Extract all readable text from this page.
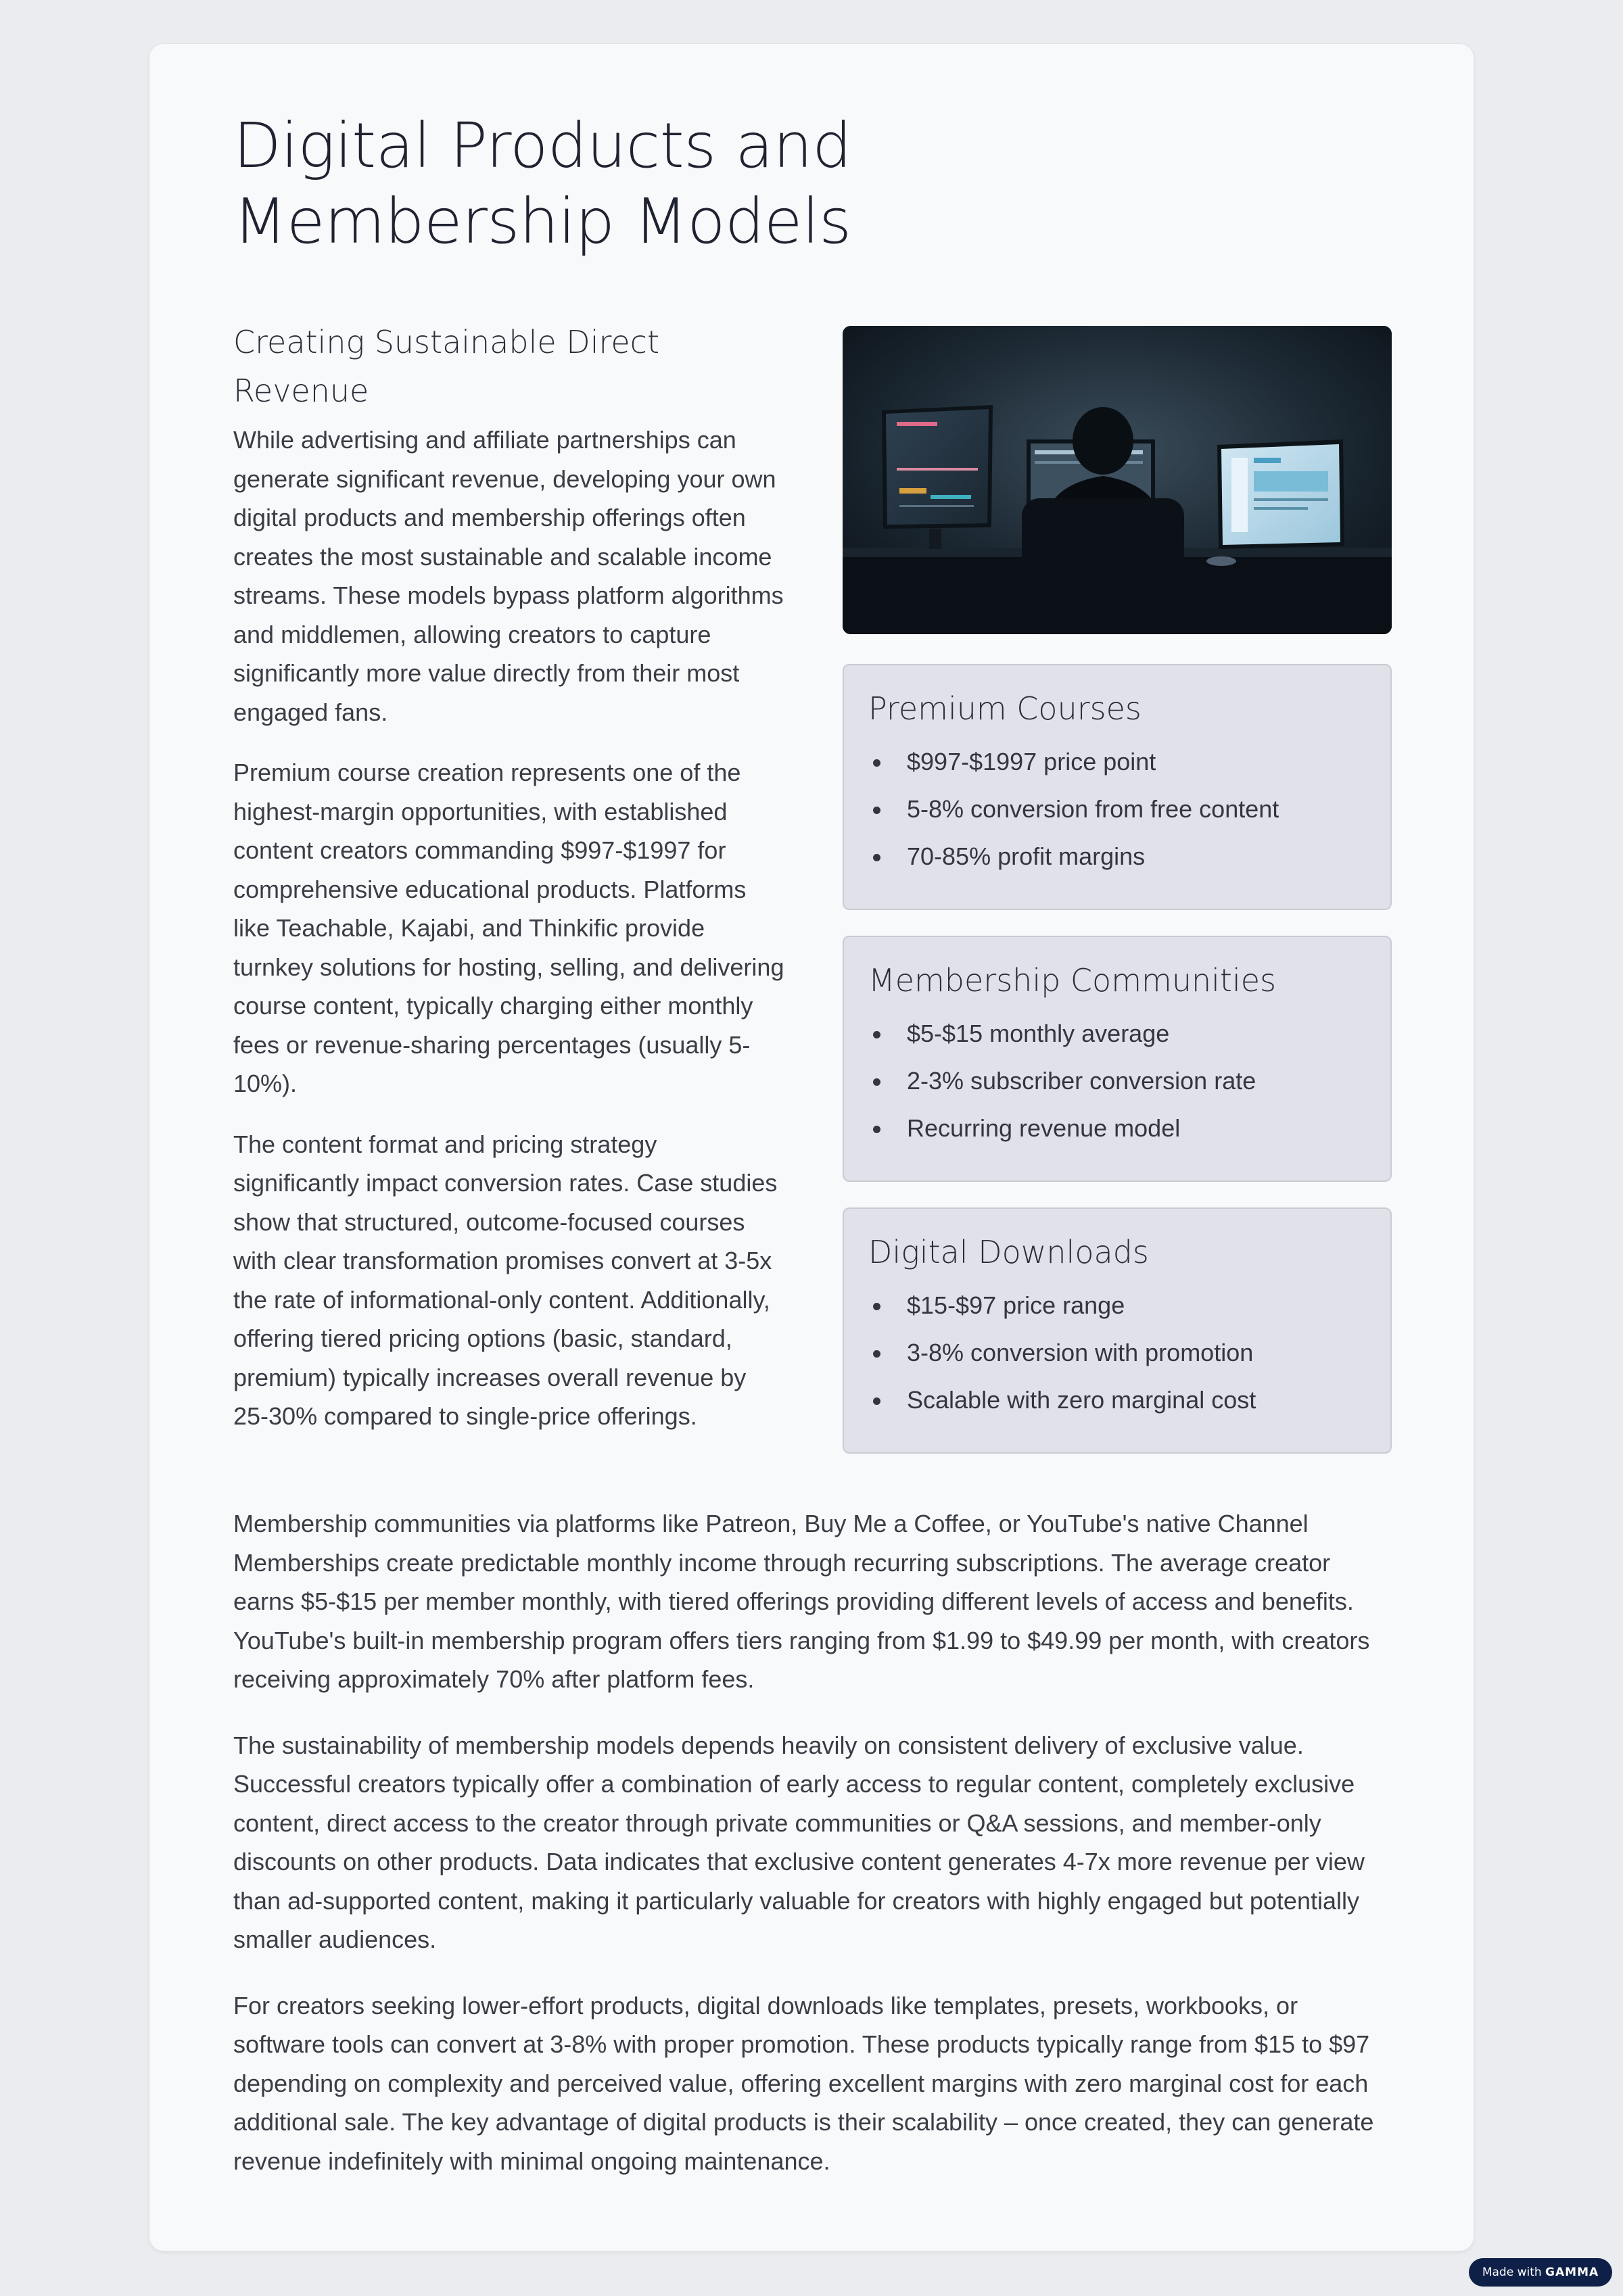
Digital Products and Membership Models
Creating Sustainable Direct Revenue

While advertising and affiliate partnerships can generate significant revenue, developing your own digital products and membership offerings often creates the most sustainable and scalable income streams. These models bypass platform algorithms and middlemen, allowing creators to capture significantly more value directly from their most engaged fans.

Premium course creation represents one of the highest-margin opportunities, with established content creators commanding $997-$1997 for comprehensive educational products. Platforms like Teachable, Kajabi, and Thinkific provide turnkey solutions for hosting, selling, and delivering course content, typically charging either monthly fees or revenue-sharing percentages (usually 5-10%).

The content format and pricing strategy significantly impact conversion rates. Case studies show that structured, outcome-focused courses with clear transformation promises convert at 3-5x the rate of informational-only content. Additionally, offering tiered pricing options (basic, standard, premium) typically increases overall revenue by 25-30% compared to single-price offerings.

Premium Courses
$997-$1997 price point
5-8% conversion from free content
70-85% profit margins
Membership Communities
$5-$15 monthly average
2-3% subscriber conversion rate
Recurring revenue model
Digital Downloads
$15-$97 price range
3-8% conversion with promotion
Scalable with zero marginal cost

Membership communities via platforms like Patreon, Buy Me a Coffee, or YouTube's native Channel Memberships create predictable monthly income through recurring subscriptions. The average creator earns $5-$15 per member monthly, with tiered offerings providing different levels of access and benefits. YouTube's built-in membership program offers tiers ranging from $1.99 to $49.99 per month, with creators receiving approximately 70% after platform fees.

The sustainability of membership models depends heavily on consistent delivery of exclusive value. Successful creators typically offer a combination of early access to regular content, completely exclusive content, direct access to the creator through private communities or Q&A sessions, and member-only discounts on other products. Data indicates that exclusive content generates 4-7x more revenue per view than ad-supported content, making it particularly valuable for creators with highly engaged but potentially smaller audiences.

For creators seeking lower-effort products, digital downloads like templates, presets, workbooks, or software tools can convert at 3-8% with proper promotion. These products typically range from $15 to $97 depending on complexity and perceived value, offering excellent margins with zero marginal cost for each additional sale. The key advantage of digital products is their scalability – once created, they can generate revenue indefinitely with minimal ongoing maintenance.

Made with GAMMA
